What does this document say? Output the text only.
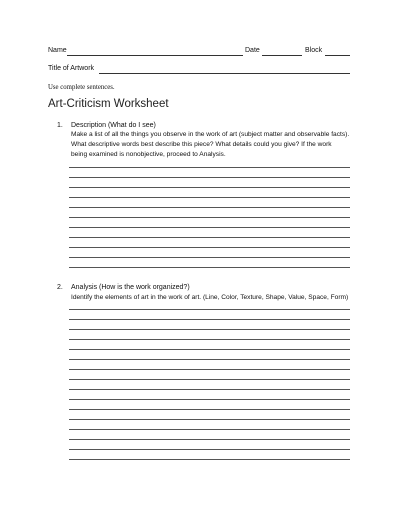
Name	Date	Block
Title of Artwork
Use complete sentences.
Art-Criticism Worksheet
1. Description (What do I see)
Make a list of all the things you observe in the work of art (subject matter and observable facts).
What descriptive words best describe this piece? What details could you give? If the work
being examined is nonobjective, proceed to Analysis.
2. Analysis (How is the work organized?)
Identify the elements of art in the work of art. (Line, Color, Texture, Shape, Value, Space, Form)
